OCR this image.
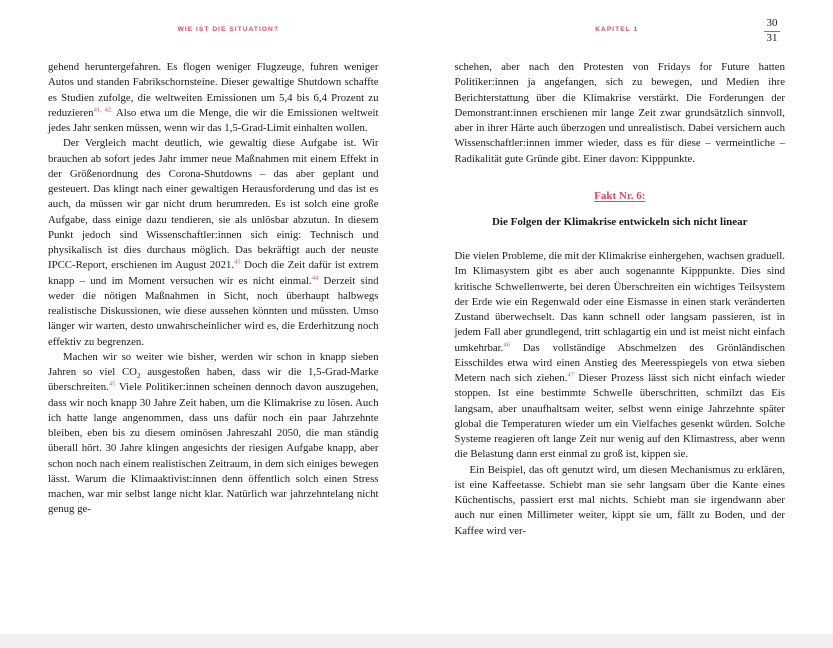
WIE IST DIE SITUATION?

gehend heruntergefahren. Es flogen weniger Flugzeuge, fuhren weniger Autos und standen Fabrikschornsteine. Dieser gewaltige Shutdown schaffte es Studien zufolge, die weltweiten Emissionen um 5,4 bis 6,4 Prozent zu reduzieren$^{41, 42.}$ Also etwa um die Menge, die wir die Emissionen weltweit jedes Jahr senken müssen, wenn wir das 1,5-Grad-Limit einhalten wollen.

Der Vergleich macht deutlich, wie gewaltig diese Aufgabe ist. Wir brauchen ab sofort jedes Jahr immer neue Maßnahmen mit einem Effekt in der Größenordnung des Corona-Shutdowns – das aber geplant und gesteuert. Das klingt nach einer gewaltigen Herausforderung und das ist es auch, da müssen wir gar nicht drum herumreden. Es ist solch eine große Aufgabe, dass einige dazu tendieren, sie als unlösbar abzutun. In diesem Punkt jedoch sind Wissenschaftler:innen sich einig: Technisch und physikalisch ist dies durchaus möglich. Das bekräftigt auch der neuste IPCC-Report, erschienen im August 2021.43 Doch die Zeit dafür ist extrem knapp – und im Moment versuchen wir es nicht einmal.$^{44}$ Derzeit sind weder die nötigen Maßnahmen in Sicht, noch überhaupt halbwegs realistische Diskussionen, wie diese aussehen könnten und müssten. Umso länger wir warten, desto unwahrscheinlicher wird es, die Erderhitzung noch effektiv zu begrenzen.

Machen wir so weiter wie bisher, werden wir schon in knapp sieben Jahren so viel $CO_2$ ausgestoßen haben, dass wir die 1,5-Grad-Marke überschreiten.$^{45}$ Viele Politiker:innen scheinen dennoch davon auszugehen, dass wir noch knapp 30 Jahre Zeit haben, um die Klimakrise zu lösen. Auch ich hatte lange angenommen, dass uns dafür noch ein paar Jahrzehnte bleiben, eben bis zu diesem ominösen Jahreszahl 2050, die man ständig überall hört. 30 Jahre klingen angesichts der riesigen Aufgabe knapp, aber schon noch nach einem realistischen Zeitraum, in dem sich einiges bewegen lässt. Warum die Klimaaktivist:innen denn öffentlich solch einen Stress machen, war mir selbst lange nicht klar. Natürlich war jahrzehntelang nicht genug ge-

KAPITEL 1
30
31

schehen, aber nach den Protesten von Fridays for Future hatten Politiker:innen ja angefangen, sich zu bewegen, und Medien ihre Berichterstattung über die Klimakrise verstärkt. Die Forderungen der Demonstrant:innen erschienen mir lange Zeit zwar grundsätzlich sinnvoll, aber in ihrer Härte auch überzogen und unrealistisch. Dabei versichern auch Wissenschaftler:innen immer wieder, dass es für diese – vermeintliche – Radikalität gute Gründe gibt. Einer davon: Kipppunkte.

Fakt Nr. 6:
Die Folgen der Klimakrise entwickeln sich nicht linear

Die vielen Probleme, die mit der Klimakrise einhergehen, wachsen graduell. Im Klimasystem gibt es aber auch sogenannte Kipppunkte. Dies sind kritische Schwellenwerte, bei deren Überschreiten ein wichtiges Teilsystem der Erde wie ein Regenwald oder eine Eismasse in einen stark veränderten Zustand überwechselt. Das kann schnell oder langsam passieren, ist in jedem Fall aber grundlegend, tritt schlagartig ein und ist meist nicht einfach umkehrbar.$^{46}$ Das vollständige Abschmelzen des Grönländischen Eisschildes etwa wird einen Anstieg des Meeresspiegels von etwa sieben Metern nach sich ziehen.$^{47}$ Dieser Prozess lässt sich nicht einfach wieder stoppen. Ist eine bestimmte Schwelle überschritten, schmilzt das Eis langsam, aber unaufhaltsam weiter, selbst wenn einige Jahrzehnte später global die Temperaturen wieder um ein Vielfaches gesenkt würden. Solche Systeme reagieren oft lange Zeit nur wenig auf den Klimastress, aber wenn die Belastung dann erst einmal zu groß ist, kippen sie.

Ein Beispiel, das oft genutzt wird, um diesen Mechanismus zu erklären, ist eine Kaffeetasse. Schiebt man sie sehr langsam über die Kante eines Küchentischs, passiert erst mal nichts. Schiebt man sie irgendwann aber auch nur einen Millimeter weiter, kippt sie um, fällt zu Boden, und der Kaffee wird ver-
